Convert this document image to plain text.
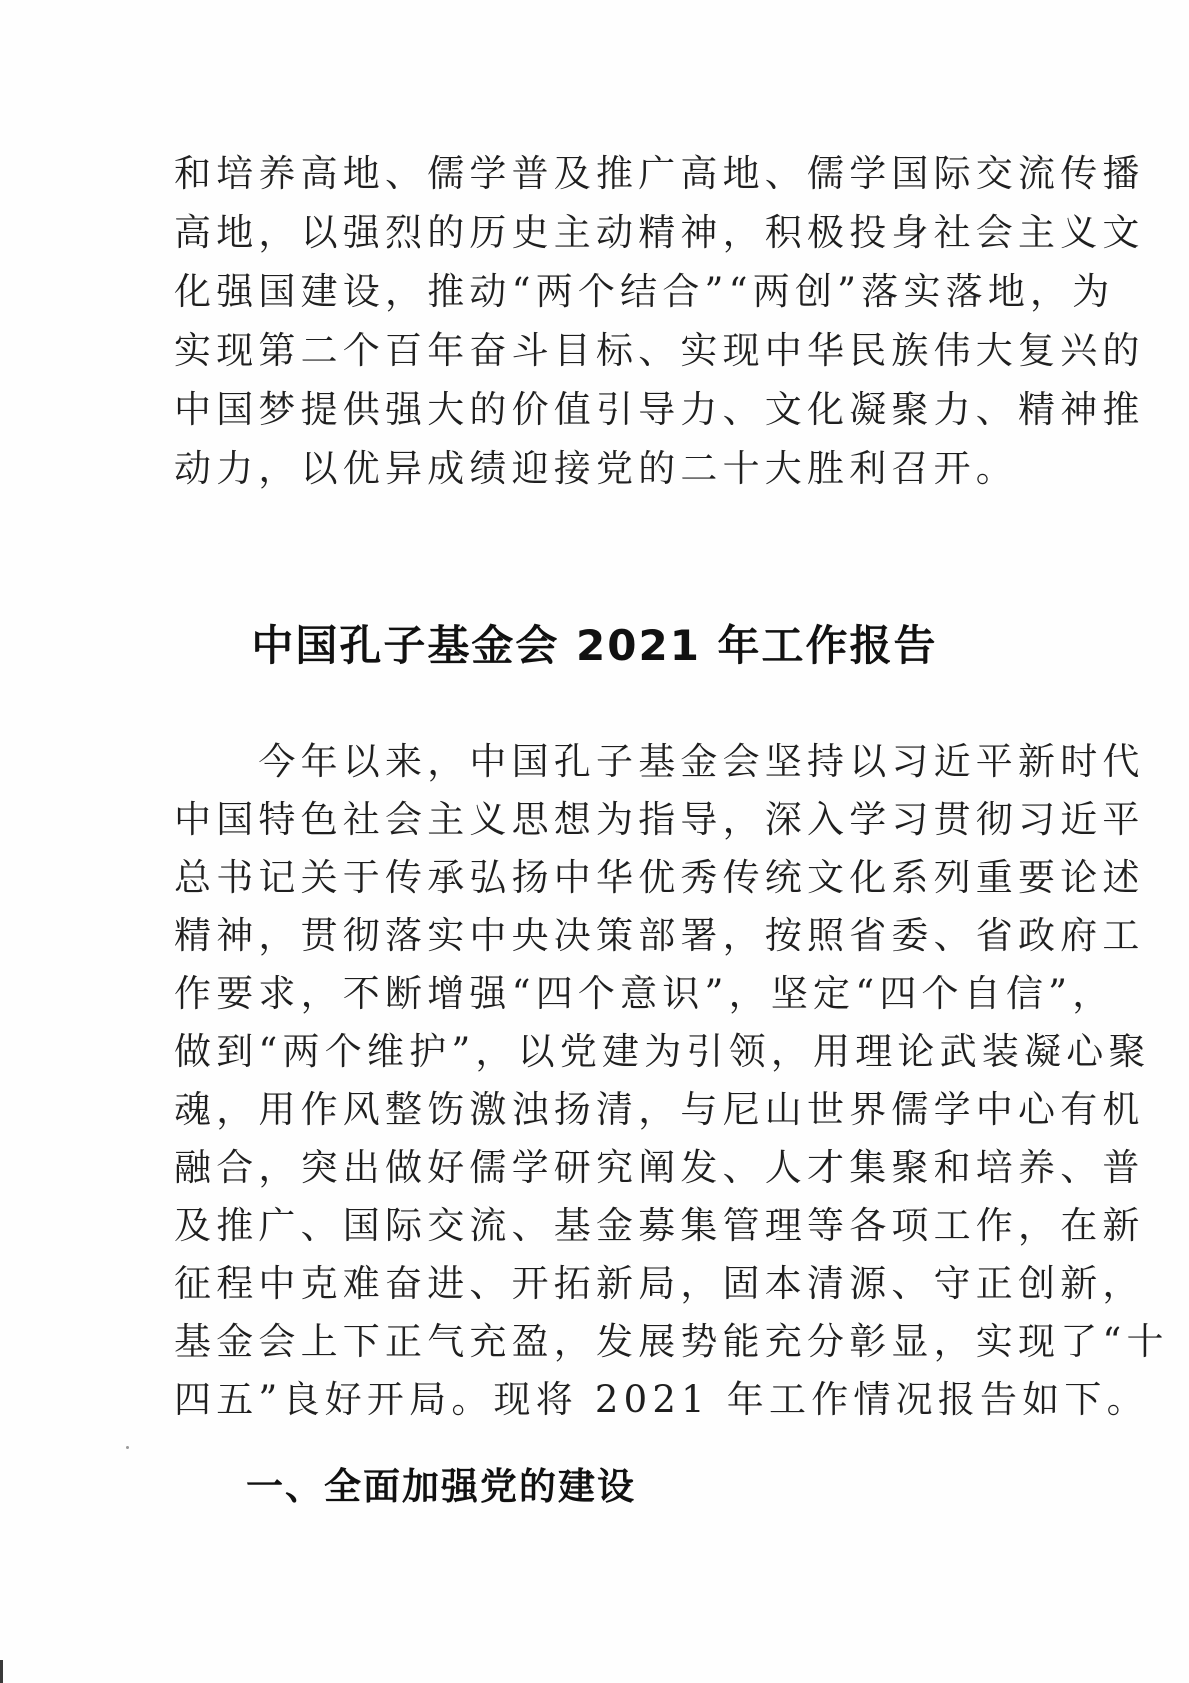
和培养高地、儒学普及推广高地、儒学国际交流传播
高地，以强烈的历史主动精神，积极投身社会主义文
化强国建设，推动“两个结合”“两创”落实落地，为
实现第二个百年奋斗目标、实现中华民族伟大复兴的
中国梦提供强大的价值引导力、文化凝聚力、精神推
动力，以优异成绩迎接党的二十大胜利召开。
中国孔子基金会 2021 年工作报告
　　今年以来，中国孔子基金会坚持以习近平新时代
中国特色社会主义思想为指导，深入学习贯彻习近平
总书记关于传承弘扬中华优秀传统文化系列重要论述
精神，贯彻落实中央决策部署，按照省委、省政府工
作要求，不断增强“四个意识”，坚定“四个自信”，
做到“两个维护”，以党建为引领，用理论武装凝心聚
魂，用作风整饬激浊扬清，与尼山世界儒学中心有机
融合，突出做好儒学研究阐发、人才集聚和培养、普
及推广、国际交流、基金募集管理等各项工作，在新
征程中克难奋进、开拓新局，固本清源、守正创新，
基金会上下正气充盈，发展势能充分彰显，实现了“十
四五”良好开局。现将 2021 年工作情况报告如下。
一、全面加强党的建设
